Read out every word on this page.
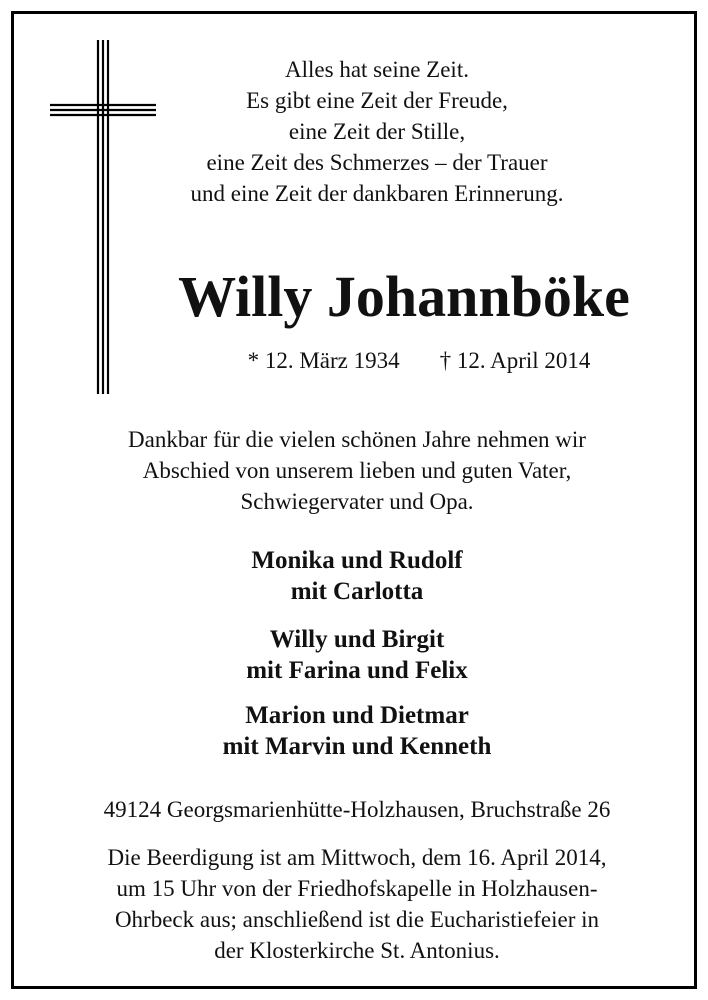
Alles hat seine Zeit.
Es gibt eine Zeit der Freude,
eine Zeit der Stille,
eine Zeit des Schmerzes – der Trauer
und eine Zeit der dankbaren Erinnerung.
Willy Johannböke
* 12. März 1934 † 12. April 2014
Dankbar für die vielen schönen Jahre nehmen wir
Abschied von unserem lieben und guten Vater,
Schwiegervater und Opa.
Monika und Rudolf
mit Carlotta
Willy und Birgit
mit Farina und Felix
Marion und Dietmar
mit Marvin und Kenneth
49124 Georgsmarienhütte-Holzhausen, Bruchstraße 26
Die Beerdigung ist am Mittwoch, dem 16. April 2014,
um 15 Uhr von der Friedhofskapelle in Holzhausen-
Ohrbeck aus; anschließend ist die Eucharistiefeier in
der Klosterkirche St. Antonius.
